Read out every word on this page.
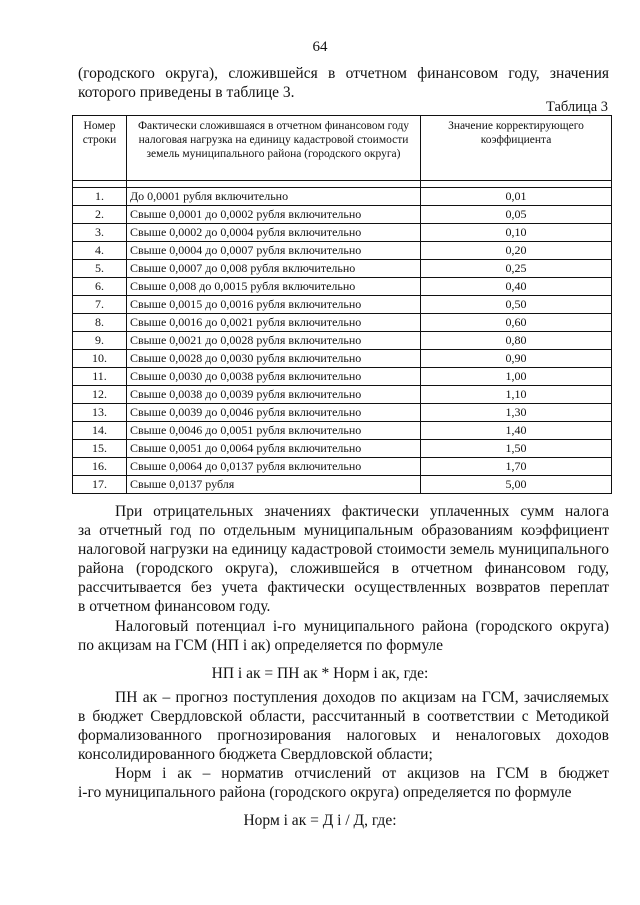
64
(городского округа), сложившейся в отчетном финансовом году, значения
которого приведены в таблице 3.
Таблица 3
Номер строки	Фактически сложившаяся в отчетном финансовом году налоговая нагрузка на единицу кадастровой стоимости земель муниципального района (городского округа)	Значение корректирующего коэффициента

1.	До 0,0001 рубля включительно	0,01
2.	Свыше 0,0001 до 0,0002 рубля включительно	0,05
3.	Свыше 0,0002 до 0,0004 рубля включительно	0,10
4.	Свыше 0,0004 до 0,0007 рубля включительно	0,20
5.	Свыше 0,0007 до 0,008 рубля включительно	0,25
6.	Свыше 0,008 до 0,0015 рубля включительно	0,40
7.	Свыше 0,0015 до 0,0016 рубля включительно	0,50
8.	Свыше 0,0016 до 0,0021 рубля включительно	0,60
9.	Свыше 0,0021 до 0,0028 рубля включительно	0,80
10.	Свыше 0,0028 до 0,0030 рубля включительно	0,90
11.	Свыше 0,0030 до 0,0038 рубля включительно	1,00
12.	Свыше 0,0038 до 0,0039 рубля включительно	1,10
13.	Свыше 0,0039 до 0,0046 рубля включительно	1,30
14.	Свыше 0,0046 до 0,0051 рубля включительно	1,40
15.	Свыше 0,0051 до 0,0064 рубля включительно	1,50
16.	Свыше 0,0064 до 0,0137 рубля включительно	1,70
17.	Свыше 0,0137 рубля	5,00
При отрицательных значениях фактически уплаченных сумм налога
за отчетный год по отдельным муниципальным образованиям коэффициент
налоговой нагрузки на единицу кадастровой стоимости земель муниципального
района (городского округа), сложившейся в отчетном финансовом году,
рассчитывается без учета фактически осуществленных возвратов переплат
в отчетном финансовом году.
Налоговый потенциал i-го муниципального района (городского округа)
по акцизам на ГСМ (НП i ак) определяется по формуле
НП i ак = ПН ак * Норм i ак, где:
ПН ак – прогноз поступления доходов по акцизам на ГСМ, зачисляемых
в бюджет Свердловской области, рассчитанный в соответствии с Методикой
формализованного прогнозирования налоговых и неналоговых доходов
консолидированного бюджета Свердловской области;
Норм i ак – норматив отчислений от акцизов на ГСМ в бюджет
i-го муниципального района (городского округа) определяется по формуле
Норм i ак = Д i / Д, где:
